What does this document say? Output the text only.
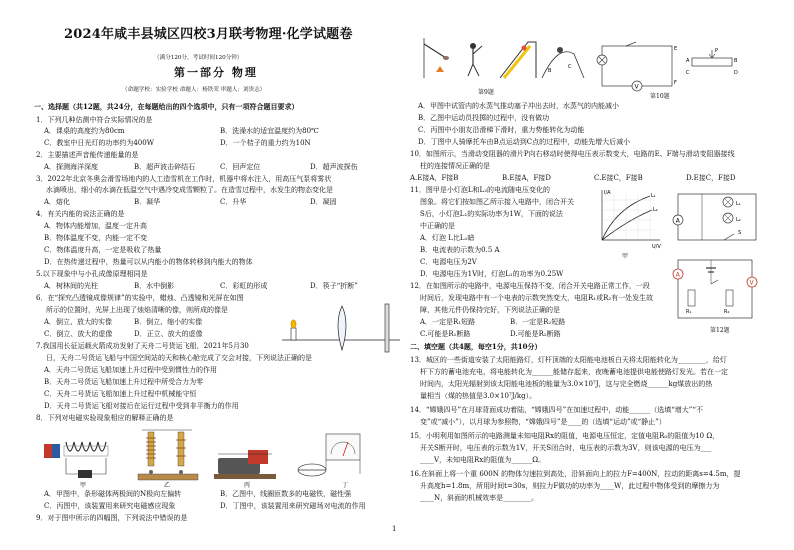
2024年咸丰县城区四校3月联考物理·化学试题卷
（满分120分，考试时间120分钟）
第一部分 物理
（命题学校：实验学校 命题人：杨铁荣 审题人：刘贵志）
一、选择题（共12题，共24分，在每题给出的四个选项中，只有一项符合题目要求）
1．下列几种估测中符合实际情况的是
A．课桌的高度约为80cm	B．洗澡水的适宜温度约为80℃
C．教室中日光灯的功率约为400W	D．一个桔子的重力约为10N
2．主要描述声音能传递能量的是
A．探测海洋深度	B．超声波击碎结石	C．回声定位	D．超声波探伤
3．2022年北京冬奥会滑雪场地内的人工造雪机在工作时，机器中将水注入，用高压气泵将雾状
水滴喷出，细小的水滴在低温空气中遇冷变成雪颗粒了。在造雪过程中，水发生的物态变化是
A．熔化	B．凝华	C．升华	D．凝固
4．有关内能的说法正确的是
A．物体内能增加，温度一定升高
B．物体温度不变，内能一定不变
C．物体温度升高，一定是吸收了热量
D．在热传递过程中，热量可以从内能小的物体转移到内能大的物体
5.以下现象中与小孔成像原理相同是
A．树林间的光柱	B．水中倒影	C．彩虹的形成	D．筷子“折断”
6．在“探究凸透镜成像规律”的实验中，蜡烛、凸透镜和光屏在如图
所示的位置时，光屏上出现了烛焰清晰的像，则所成的像是
A．倒立、放大的实像	B．倒立、缩小的实像
C．倒立、放大的虚像	D．正立、放大的虚像
7.我国用长征运载火箭成功发射了天舟二号货运飞船，2021年5月30
日，天舟二号货运飞船与中国空间站的天和核心舱完成了交会对接，下列说法正确的是
A．天舟二号货运飞船加速上升过程中受到惯性力的作用
B．天舟二号货运飞船加速上升过程中所受合力为零
C．天舟二号货运飞船加速上升过程中机械能守恒
D．天舟二号货运飞船对接后在运行过程中受到非平衡力的作用
8．下列对电磁实验现象相应的解释正确的是
甲	乙	丙	丁
A．甲图中，条形磁体两极间的N极向左偏转	B．乙图中，线圈匝数多的电磁铁，磁性强
C．丙图中，该装置用来研究电磁感应现象	D．丁图中，该装置用来研究磁场对电流的作用
9．对于图中所示的四幅图，下列说法中错误的是
B
C
第9题
V
P
A	B
C	D
E
F
第10题
A．甲图中试管内的水蒸气推动塞子冲出去时，水蒸气的内能减小
B．乙图中运动员投掷的过程中，没有做功
C．丙图中小朋友沿滑梯下滑时，重力势能转化为动能
D．丁图中人骑摩托车由B点运动到C点的过程中，动能先增大后减小
10．如图所示，当滑动变阻器的滑片P向右移动时使得电压表示数变大，电路的E、F端与滑动变阻器接线
柱的连接情况正确的是
A.E接A，F接B	B.E接A，F接D	C.E接C，F接B	D.E接C，F接D
11．图甲是小灯泡L和L₂的电流随电压变化的
图象。将它们按如图乙所示接入电路中，闭合开关
S后，小灯泡L₁的实际功率为1W，下面的说法
中正确的是
A．灯泡 L比L₁暗
B．电流表的示数为0.5 A
C．电源电压为2V
D．电源电压为1V时，灯泡L₁的功率为0.25W
I/A
U/V
L₁
L₂
甲
A
S
L₁
L₂
12．在如图所示的电路中，电源电压保持不变，闭合开关电路正常工作，一段
时间后，发现电路中有一个电表的示数突然变大，电阻R₁或R₂有一处发生故
障，其他元件仍保持完好，下列说法正确的是
A．一定是R₁短路	B．一定是R₂短路
C.可能是R₁断路	D.可能是R₂断路
A
V
R₁	R₂
第12题
二、填空题（共4题，每空1分，共10分）
13．城区的一些街道安装了太阳能路灯，灯杆顶端的太阳能电池板白天将太阳能转化为________，给灯
杆下方的蓄电池充电，将电能转化为______能储存起来，夜晚蓄电池提供电能使路灯发光。若在一定
时间内，太阳光辐射到该太阳能电池板的能量为3.0×10⁷J，这与完全燃烧______kg煤放出的热
量相当（煤的热值是3.0×10⁷J/kg）。
14．“嫦娥四号”在月球背面成功着陆，“嫦娥四号”在加速过程中，动能______（选填“增大”“不
变”或“减小”），以月球为参照物，“嫦娥四号”是____的（选填“运动”或“静止”）
15．小明利用如图所示的电路测量未知电阻Rx的阻值，电源电压恒定，定值电阻R₀的阻值为10 Ω，
开关S断开时，电压表的示数为1V，开关S闭合时，电压表的示数为3V，则该电源的电压为___
____V，未知电阻Rx的阻值为______Ω。
16.在斜面上将一个重 600N 的物体匀速拉到高处，沿斜面向上的拉力F=400N，拉动的距离s=4.5m，提
升高度h=1.8m，所用时间t=30s，则拉力F做功的功率为____W，此过程中物体受到的摩擦力为
____N，斜面的机械效率是________。
1
